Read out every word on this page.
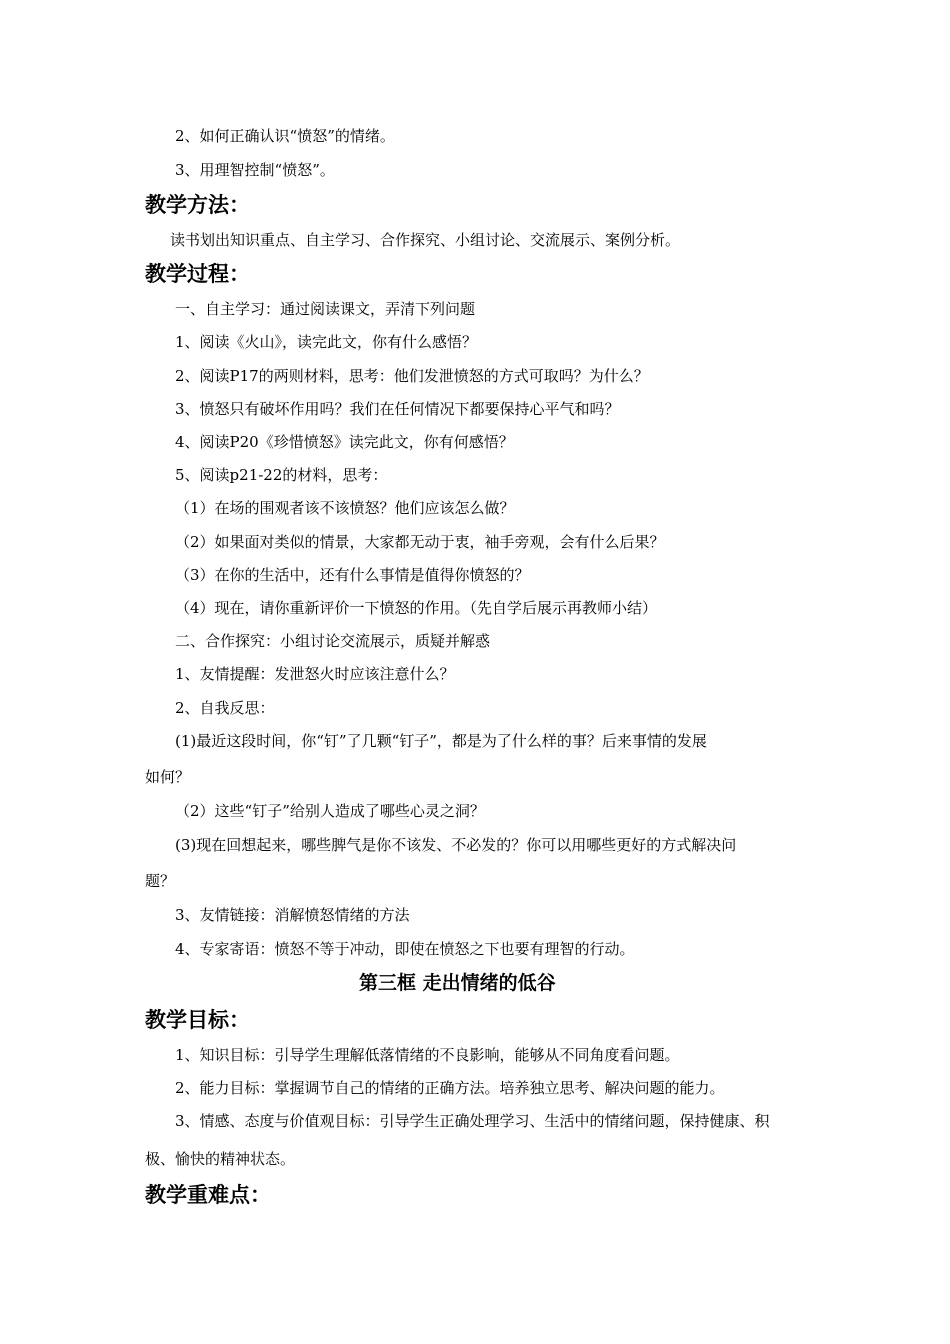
2、如何正确认识“愤怒”的情绪。
3、用理智控制“愤怒”。
教学方法：
读书划出知识重点、自主学习、合作探究、小组讨论、交流展示、案例分析。
教学过程：
一、自主学习：通过阅读课文，弄清下列问题
1、阅读《火山》，读完此文，你有什么感悟？
2、阅读P17的两则材料，思考：他们发泄愤怒的方式可取吗？为什么？
3、愤怒只有破坏作用吗？我们在任何情况下都要保持心平气和吗？
4、阅读P20《珍惜愤怒》读完此文，你有何感悟？
5、阅读p21-22的材料，思考：
（1）在场的围观者该不该愤怒？他们应该怎么做？
（2）如果面对类似的情景，大家都无动于衷，袖手旁观，会有什么后果？
（3）在你的生活中，还有什么事情是值得你愤怒的？
（4）现在，请你重新评价一下愤怒的作用。（先自学后展示再教师小结）
二、合作探究：小组讨论交流展示，质疑并解惑
1、友情提醒：发泄怒火时应该注意什么？
2、自我反思：
(1)最近这段时间，你“钉”了几颗“钉子”，都是为了什么样的事？后来事情的发展
如何？
（2）这些“钉子”给别人造成了哪些心灵之洞？
(3)现在回想起来，哪些脾气是你不该发、不必发的？你可以用哪些更好的方式解决问
题？
3、友情链接：消解愤怒情绪的方法
4、专家寄语：愤怒不等于冲动，即使在愤怒之下也要有理智的行动。
第三框 走出情绪的低谷
教学目标：
1、知识目标：引导学生理解低落情绪的不良影响，能够从不同角度看问题。
2、能力目标：掌握调节自己的情绪的正确方法。培养独立思考、解决问题的能力。
3、情感、态度与价值观目标：引导学生正确处理学习、生活中的情绪问题，保持健康、积
极、愉快的精神状态。
教学重难点：
